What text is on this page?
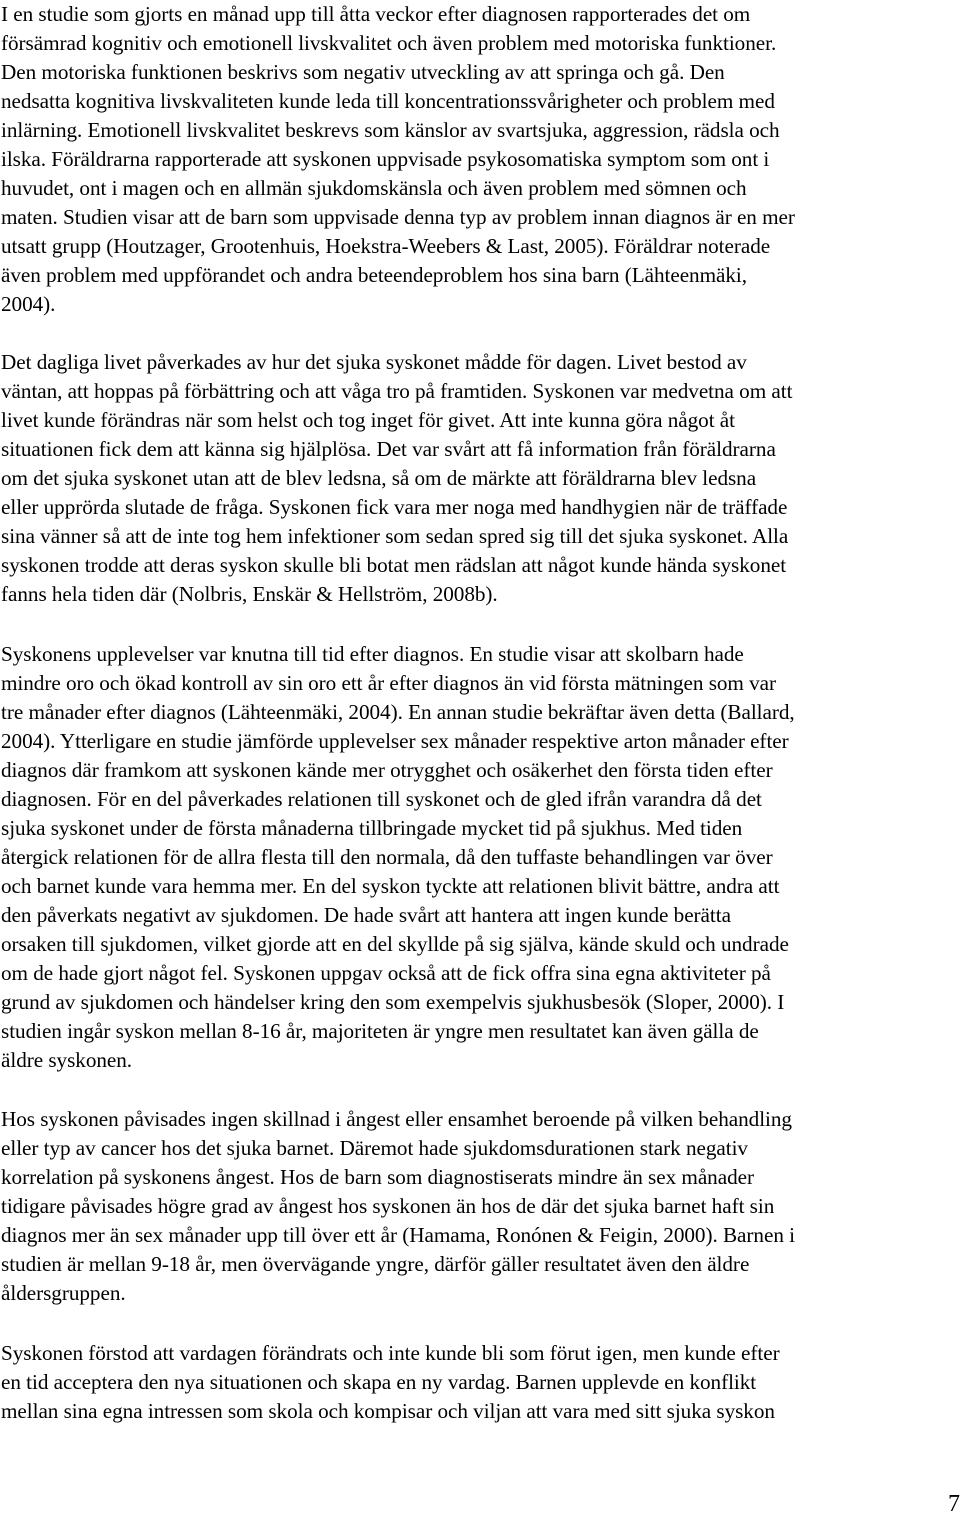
I en studie som gjorts en månad upp till åtta veckor efter diagnosen rapporterades det om
försämrad kognitiv och emotionell livskvalitet och även problem med motoriska funktioner.
Den motoriska funktionen beskrivs som negativ utveckling av att springa och gå. Den
nedsatta kognitiva livskvaliteten kunde leda till koncentrationssvårigheter och problem med
inlärning. Emotionell livskvalitet beskrevs som känslor av svartsjuka, aggression, rädsla och
ilska. Föräldrarna rapporterade att syskonen uppvisade psykosomatiska symptom som ont i
huvudet, ont i magen och en allmän sjukdomskänsla och även problem med sömnen och
maten. Studien visar att de barn som uppvisade denna typ av problem innan diagnos är en mer
utsatt grupp (Houtzager, Grootenhuis, Hoekstra-Weebers & Last, 2005). Föräldrar noterade
även problem med uppförandet och andra beteendeproblem hos sina barn (Lähteenmäki,
2004).
Det dagliga livet påverkades av hur det sjuka syskonet mådde för dagen. Livet bestod av
väntan, att hoppas på förbättring och att våga tro på framtiden. Syskonen var medvetna om att
livet kunde förändras när som helst och tog inget för givet. Att inte kunna göra något åt
situationen fick dem att känna sig hjälplösa. Det var svårt att få information från föräldrarna
om det sjuka syskonet utan att de blev ledsna, så om de märkte att föräldrarna blev ledsna
eller upprörda slutade de fråga. Syskonen fick vara mer noga med handhygien när de träffade
sina vänner så att de inte tog hem infektioner som sedan spred sig till det sjuka syskonet. Alla
syskonen trodde att deras syskon skulle bli botat men rädslan att något kunde hända syskonet
fanns hela tiden där (Nolbris, Enskär & Hellström, 2008b).
Syskonens upplevelser var knutna till tid efter diagnos. En studie visar att skolbarn hade
mindre oro och ökad kontroll av sin oro ett år efter diagnos än vid första mätningen som var
tre månader efter diagnos (Lähteenmäki, 2004). En annan studie bekräftar även detta (Ballard,
2004). Ytterligare en studie jämförde upplevelser sex månader respektive arton månader efter
diagnos där framkom att syskonen kände mer otrygghet och osäkerhet den första tiden efter
diagnosen. För en del påverkades relationen till syskonet och de gled ifrån varandra då det
sjuka syskonet under de första månaderna tillbringade mycket tid på sjukhus. Med tiden
återgick relationen för de allra flesta till den normala, då den tuffaste behandlingen var över
och barnet kunde vara hemma mer. En del syskon tyckte att relationen blivit bättre, andra att
den påverkats negativt av sjukdomen. De hade svårt att hantera att ingen kunde berätta
orsaken till sjukdomen, vilket gjorde att en del skyllde på sig själva, kände skuld och undrade
om de hade gjort något fel. Syskonen uppgav också att de fick offra sina egna aktiviteter på
grund av sjukdomen och händelser kring den som exempelvis sjukhusbesök (Sloper, 2000). I
studien ingår syskon mellan 8-16 år, majoriteten är yngre men resultatet kan även gälla de
äldre syskonen.
Hos syskonen påvisades ingen skillnad i ångest eller ensamhet beroende på vilken behandling
eller typ av cancer hos det sjuka barnet. Däremot hade sjukdomsdurationen stark negativ
korrelation på syskonens ångest. Hos de barn som diagnostiserats mindre än sex månader
tidigare påvisades högre grad av ångest hos syskonen än hos de där det sjuka barnet haft sin
diagnos mer än sex månader upp till över ett år (Hamama, Ronónen & Feigin, 2000). Barnen i
studien är mellan 9-18 år, men övervägande yngre, därför gäller resultatet även den äldre
åldersgruppen.
Syskonen förstod att vardagen förändrats och inte kunde bli som förut igen, men kunde efter
en tid acceptera den nya situationen och skapa en ny vardag. Barnen upplevde en konflikt
mellan sina egna intressen som skola och kompisar och viljan att vara med sitt sjuka syskon
7
